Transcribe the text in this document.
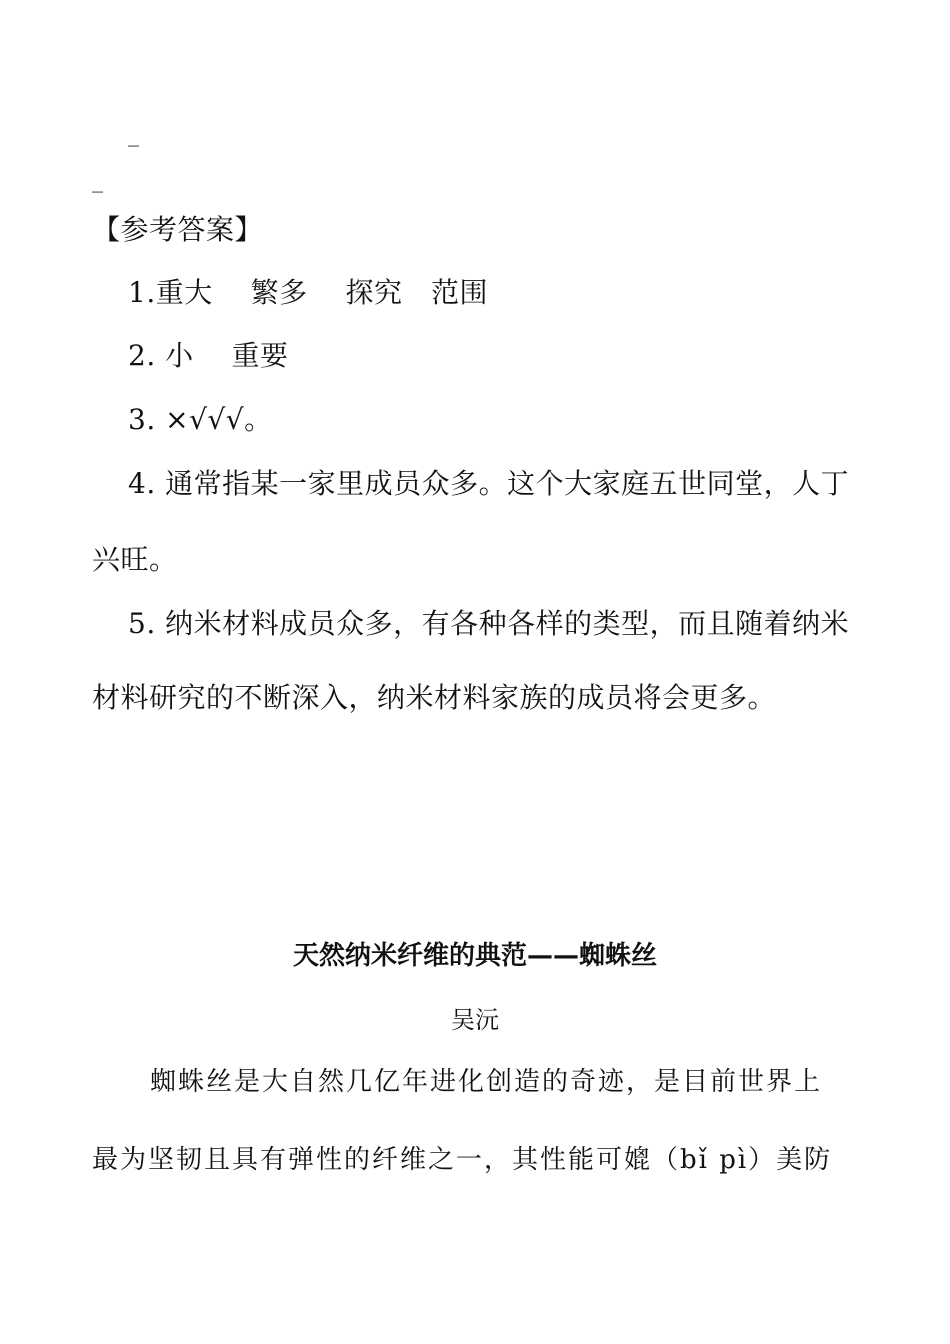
_
_
【参考答案】
1.重大　 繁多　 探究　范围
2. 小　 重要
3. ×√√√。
4. 通常指某一家里成员众多。这个大家庭五世同堂，人丁
兴旺。
5. 纳米材料成员众多，有各种各样的类型，而且随着纳米
材料研究的不断深入，纳米材料家族的成员将会更多。
天然纳米纤维的典范——蜘蛛丝
吴沅
蜘蛛丝是大自然几亿年进化创造的奇迹，是目前世界上
最为坚韧且具有弹性的纤维之一，其性能可媲（bǐ pì）美防
